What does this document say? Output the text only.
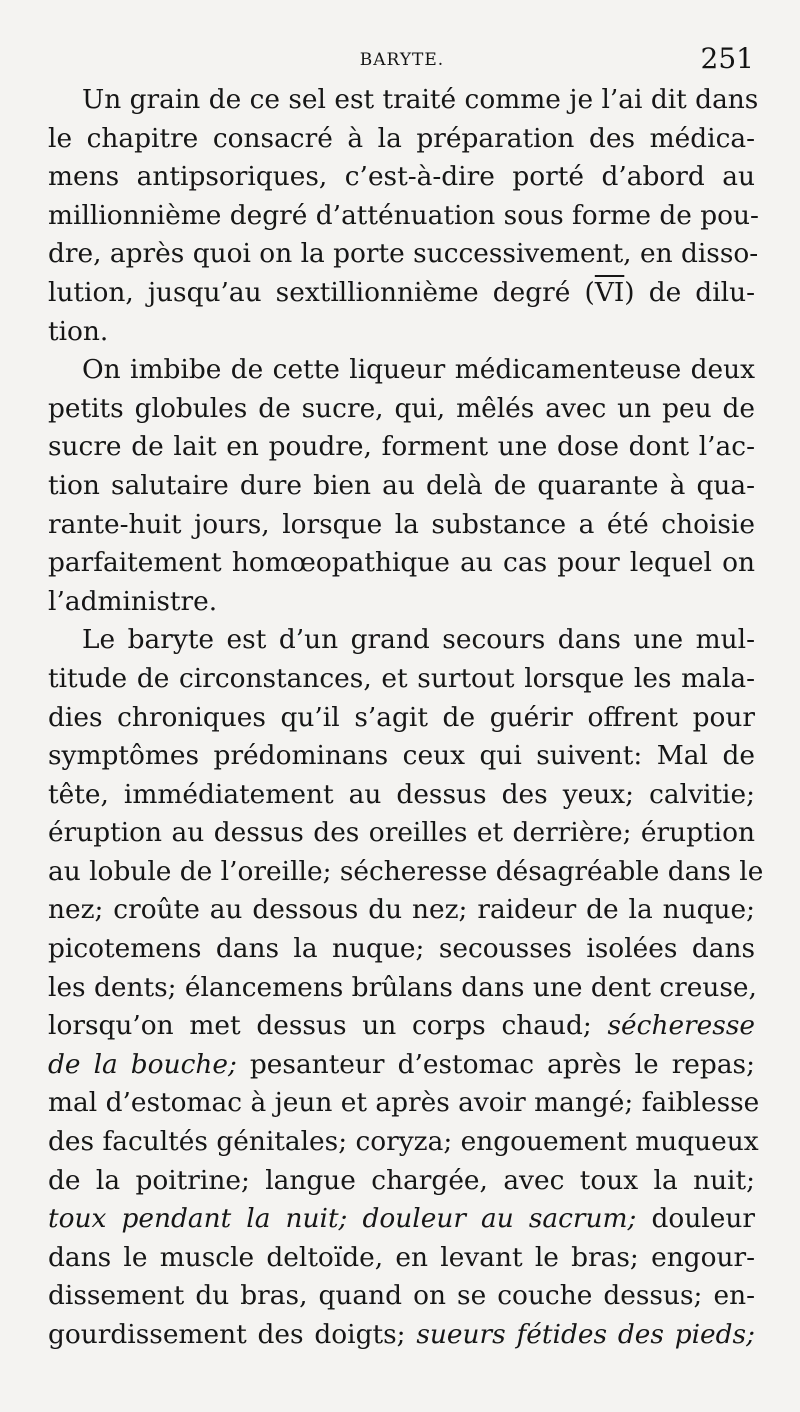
BARYTE.	251
Un grain de ce sel est traité comme je l’ai dit dans
le chapitre consacré à la préparation des médica-
mens antipsoriques, c’est-à-dire porté d’abord au
millionnième degré d’atténuation sous forme de pou-
dre, après quoi on la porte successivement, en disso-
lution, jusqu’au sextillionnième degré $(\overline{VI})$ de dilu-
tion.
On imbibe de cette liqueur médicamenteuse deux
petits globules de sucre, qui, mêlés avec un peu de
sucre de lait en poudre, forment une dose dont l’ac-
tion salutaire dure bien au delà de quarante à qua-
rante-huit jours, lorsque la substance a été choisie
parfaitement homœopathique au cas pour lequel on
l’administre.
Le baryte est d’un grand secours dans une mul-
titude de circonstances, et surtout lorsque les mala-
dies chroniques qu’il s’agit de guérir offrent pour
symptômes prédominans ceux qui suivent: Mal de
tête, immédiatement au dessus des yeux; calvitie;
éruption au dessus des oreilles et derrière; éruption
au lobule de l’oreille; sécheresse désagréable dans le
nez; croûte au dessous du nez; raideur de la nuque;
picotemens dans la nuque; secousses isolées dans
les dents; élancemens brûlans dans une dent creuse,
lorsqu’on met dessus un corps chaud; sécheresse
de la bouche; pesanteur d’estomac après le repas;
mal d’estomac à jeun et après avoir mangé; faiblesse
des facultés génitales; coryza; engouement muqueux
de la poitrine; langue chargée, avec toux la nuit;
toux pendant la nuit; douleur au sacrum; douleur
dans le muscle deltoïde, en levant le bras; engour-
dissement du bras, quand on se couche dessus; en-
gourdissement des doigts; sueurs fétides des pieds;
